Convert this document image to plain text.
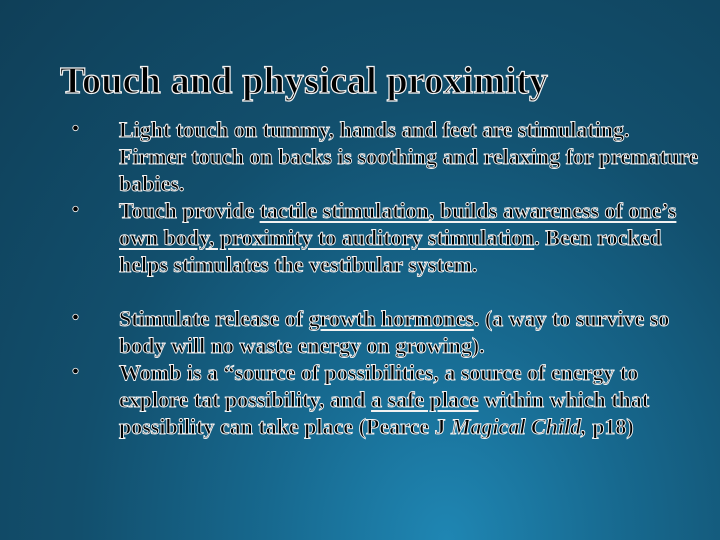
Touch and physical proximity
• Light touch on tummy, hands and feet are stimulating. Firmer touch on backs is soothing and relaxing for premature babies.
• Touch provide tactile stimulation, builds awareness of one’s own body, proximity to auditory stimulation. Been rocked helps stimulates the vestibular system.
• Stimulate release of growth hormones. (a way to survive so body will no waste energy on growing).
• Womb is a “source of possibilities, a source of energy to explore tat possibility, and a safe place within which that possibility can take place (Pearce J Magical Child, p18)
